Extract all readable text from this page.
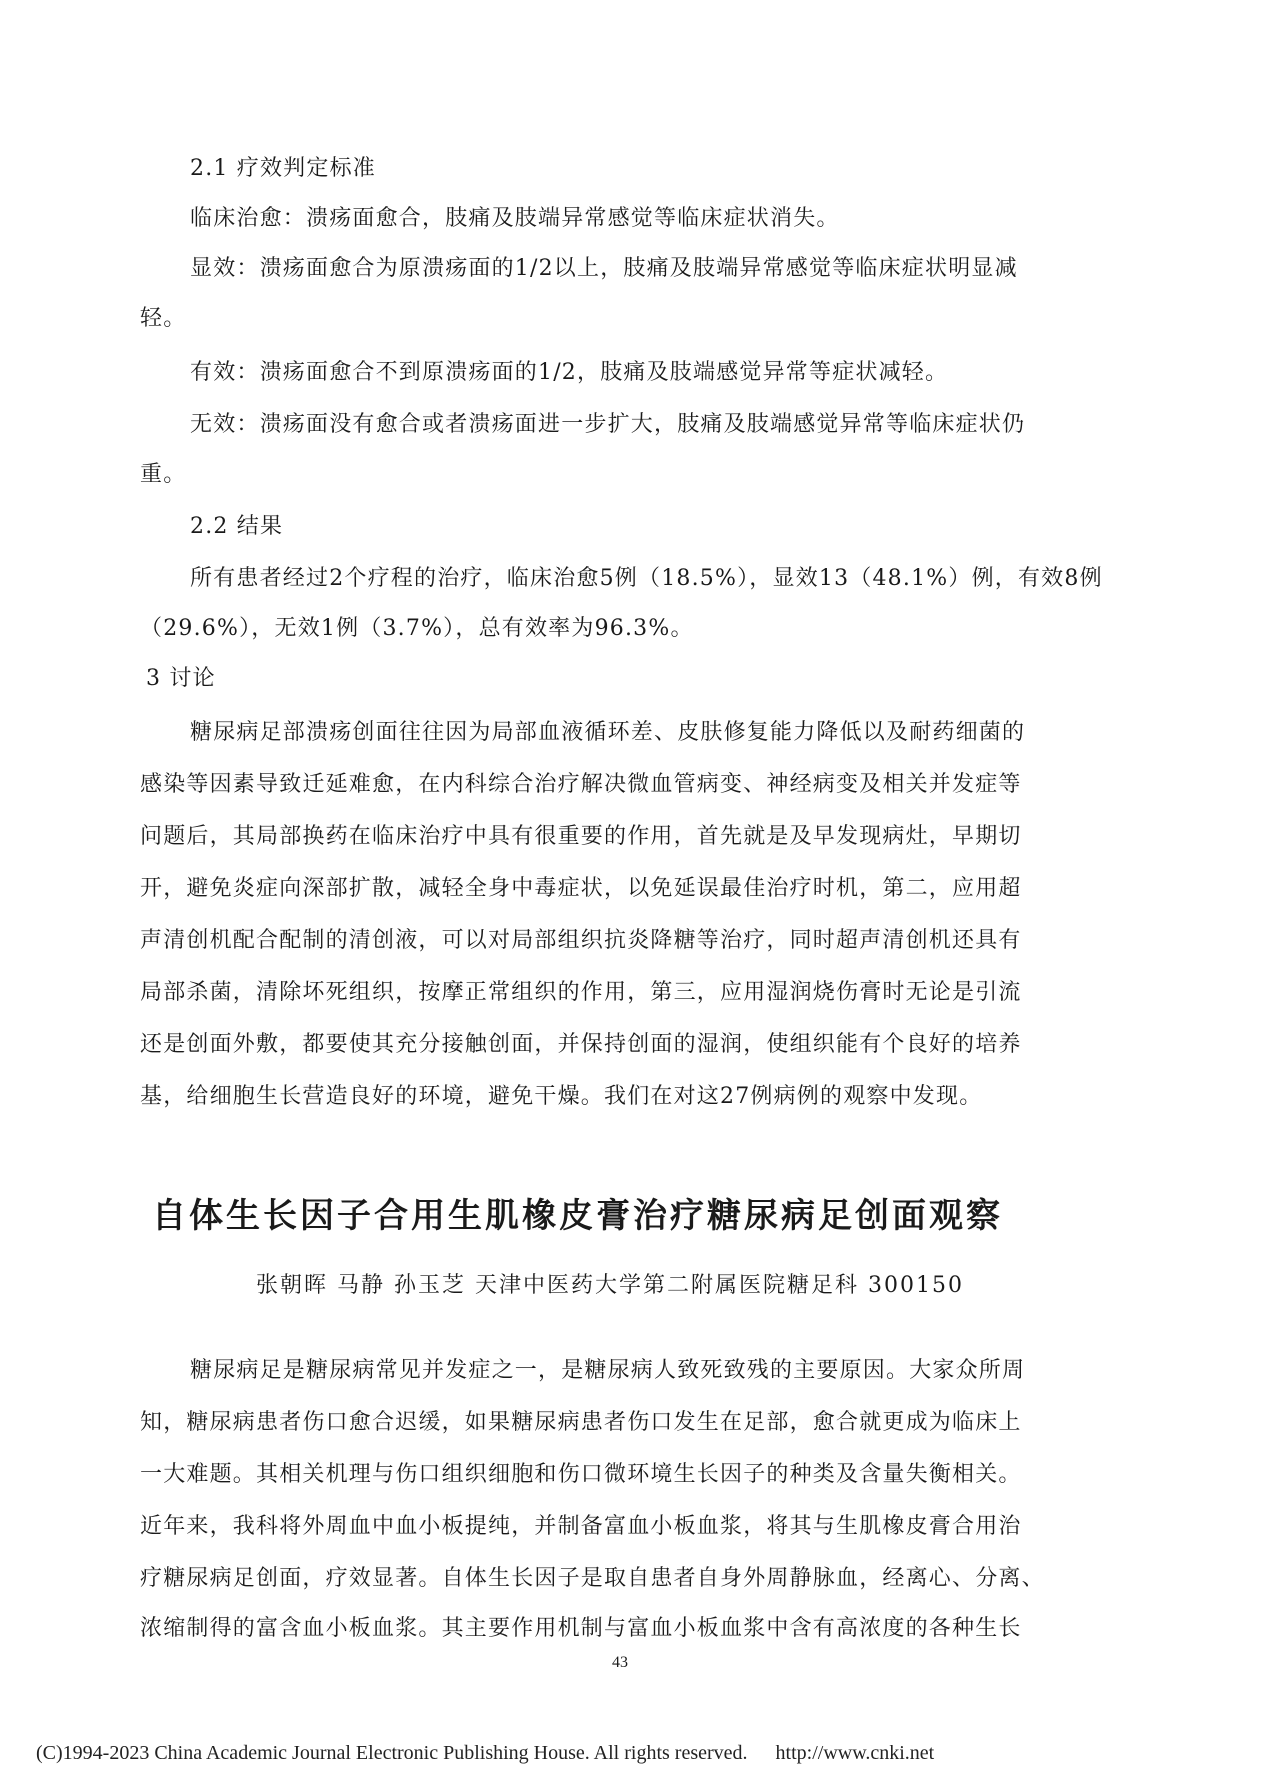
2.1 疗效判定标准
临床治愈：溃疡面愈合，肢痛及肢端异常感觉等临床症状消失。
显效：溃疡面愈合为原溃疡面的1/2以上，肢痛及肢端异常感觉等临床症状明显减
轻。
有效：溃疡面愈合不到原溃疡面的1/2，肢痛及肢端感觉异常等症状减轻。
无效：溃疡面没有愈合或者溃疡面进一步扩大，肢痛及肢端感觉异常等临床症状仍
重。
2.2 结果
所有患者经过2个疗程的治疗，临床治愈5例（18.5%），显效13（48.1%）例，有效8例
（29.6%），无效1例（3.7%），总有效率为96.3%。
3 讨论
糖尿病足部溃疡创面往往因为局部血液循环差、皮肤修复能力降低以及耐药细菌的
感染等因素导致迁延难愈，在内科综合治疗解决微血管病变、神经病变及相关并发症等
问题后，其局部换药在临床治疗中具有很重要的作用，首先就是及早发现病灶，早期切
开，避免炎症向深部扩散，减轻全身中毒症状，以免延误最佳治疗时机，第二，应用超
声清创机配合配制的清创液，可以对局部组织抗炎降糖等治疗，同时超声清创机还具有
局部杀菌，清除坏死组织，按摩正常组织的作用，第三，应用湿润烧伤膏时无论是引流
还是创面外敷，都要使其充分接触创面，并保持创面的湿润，使组织能有个良好的培养
基，给细胞生长营造良好的环境，避免干燥。我们在对这27例病例的观察中发现。
自体生长因子合用生肌橡皮膏治疗糖尿病足创面观察
张朝晖 马静 孙玉芝 天津中医药大学第二附属医院糖足科 300150
糖尿病足是糖尿病常见并发症之一，是糖尿病人致死致残的主要原因。大家众所周
知，糖尿病患者伤口愈合迟缓，如果糖尿病患者伤口发生在足部，愈合就更成为临床上
一大难题。其相关机理与伤口组织细胞和伤口微环境生长因子的种类及含量失衡相关。
近年来，我科将外周血中血小板提纯，并制备富血小板血浆，将其与生肌橡皮膏合用治
疗糖尿病足创面，疗效显著。自体生长因子是取自患者自身外周静脉血，经离心、分离、
浓缩制得的富含血小板血浆。其主要作用机制与富血小板血浆中含有高浓度的各种生长
43
(C)1994-2023 China Academic Journal Electronic Publishing House. All rights reserved. http://www.cnki.net
